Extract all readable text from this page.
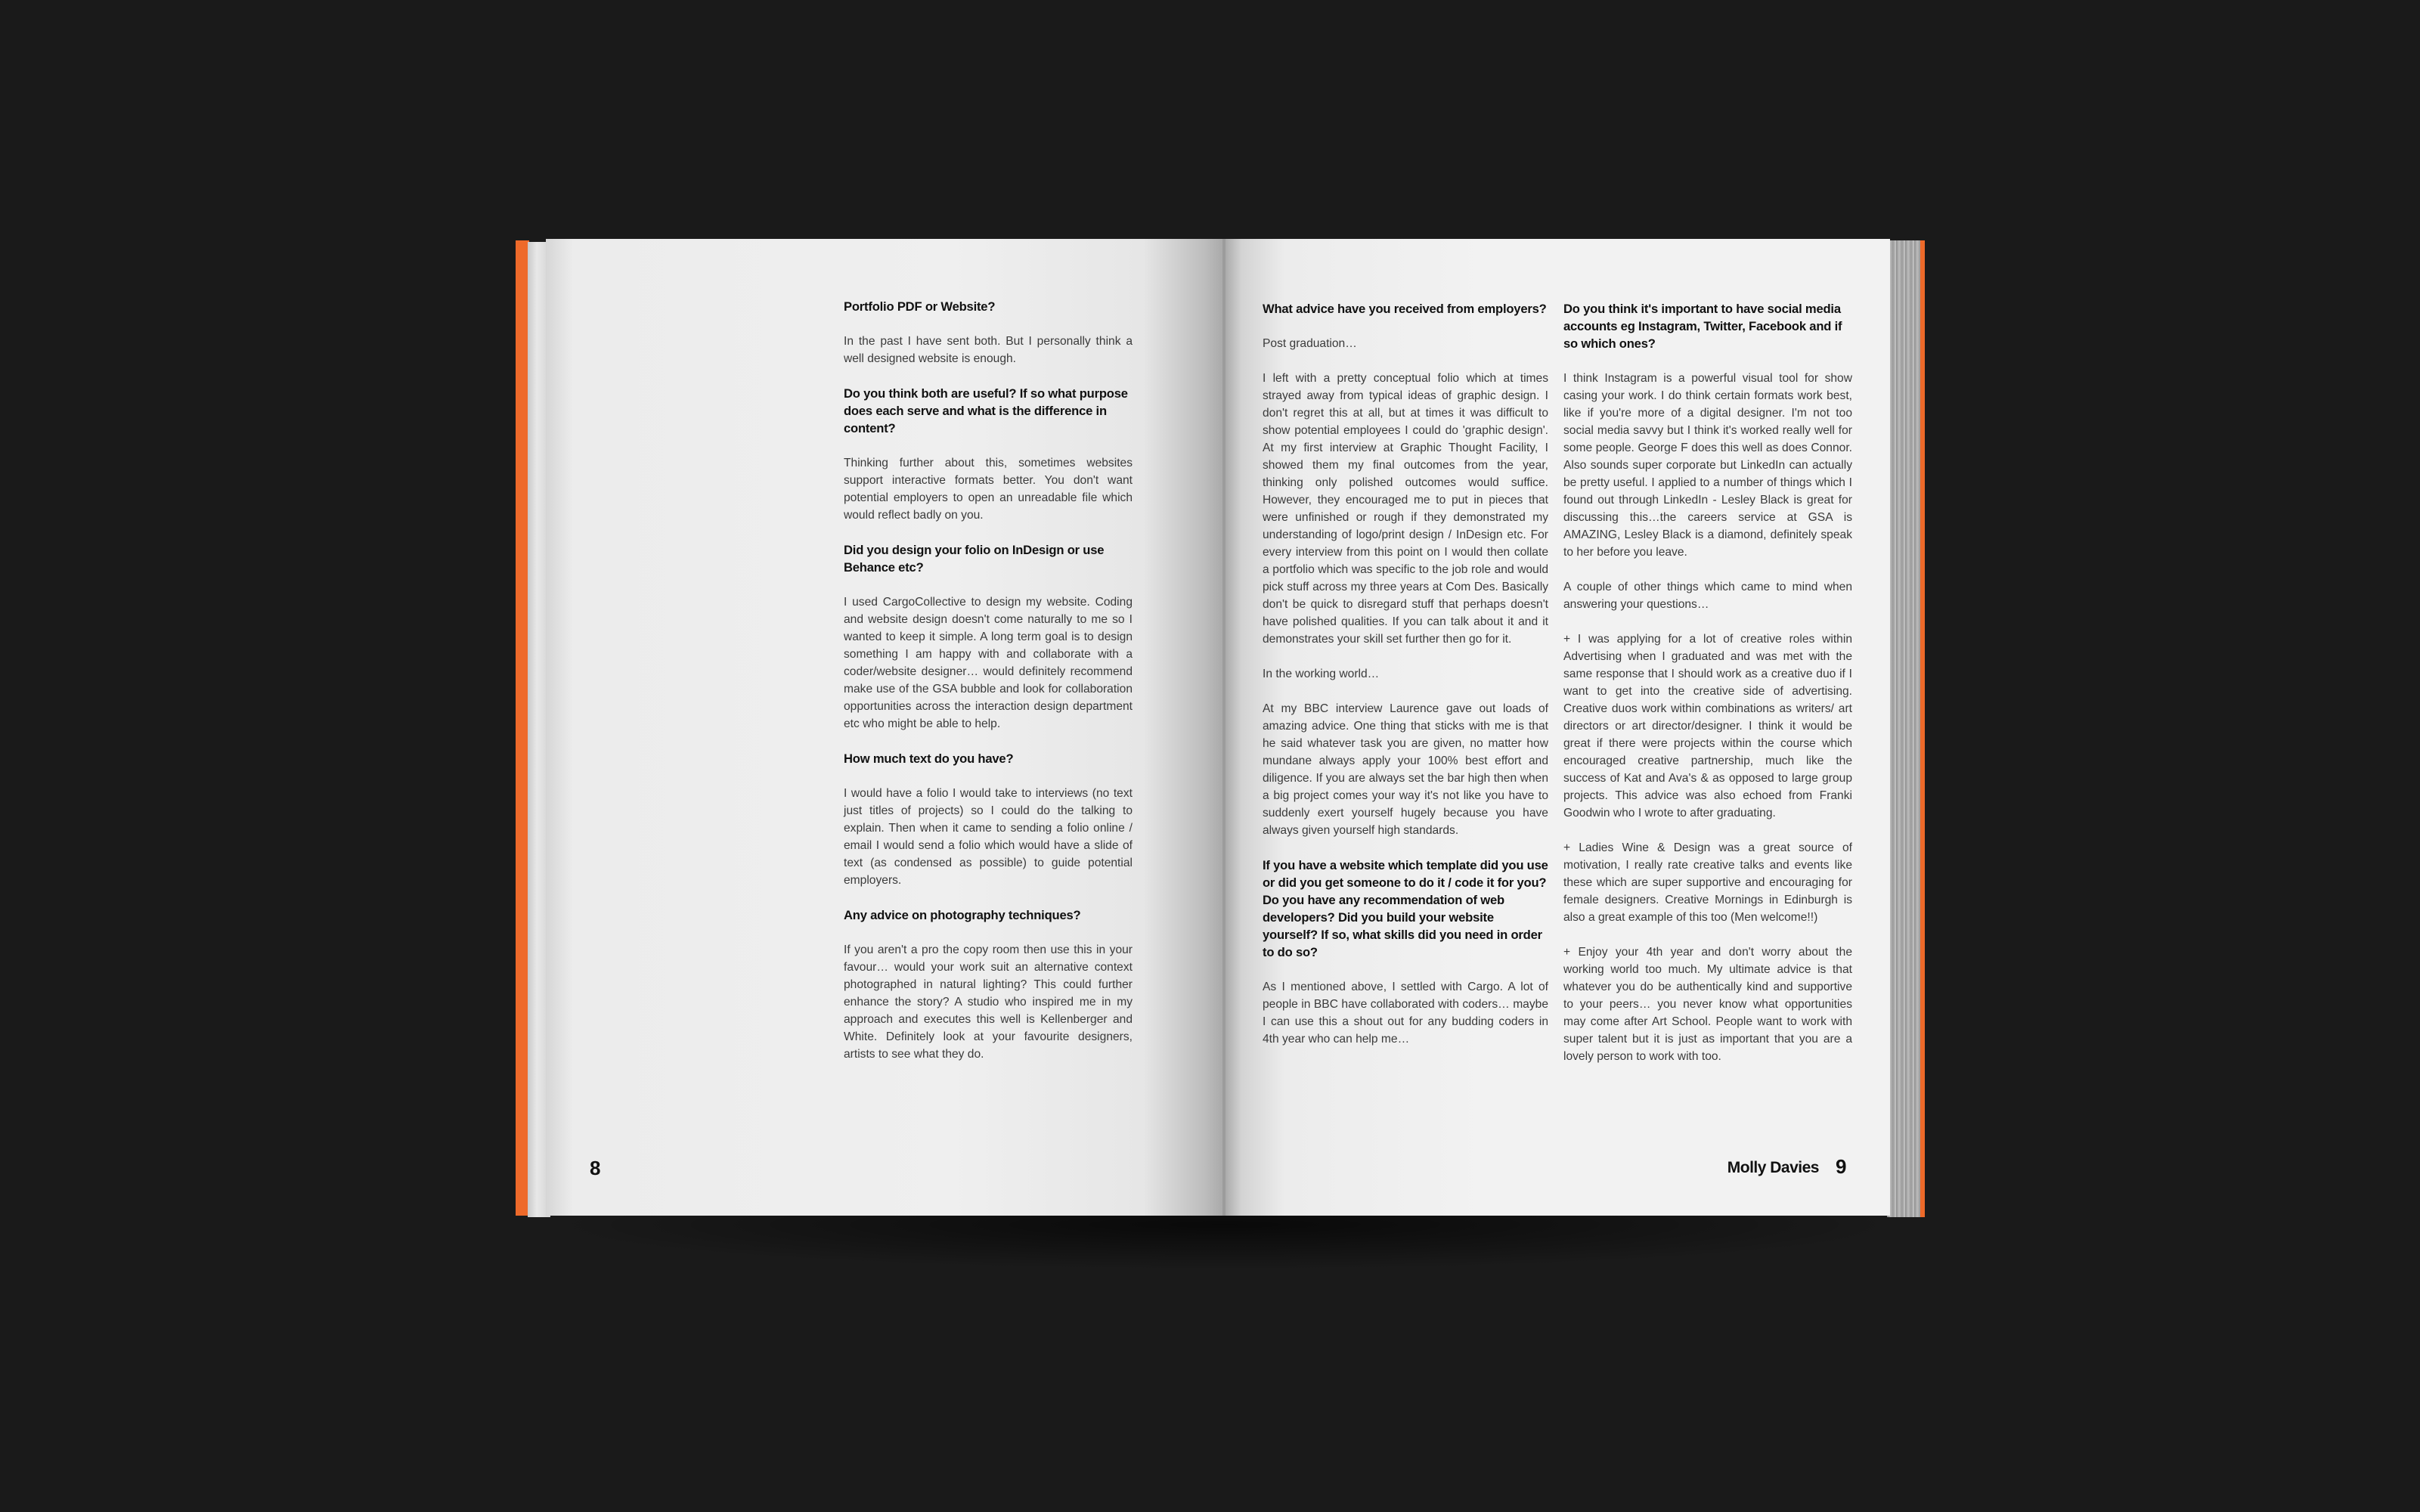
Portfolio PDF or Website?
In the past I have sent both. But I personally think a well designed website is enough.
Do you think both are useful? If so what purpose does each serve and what is the difference in content?
Thinking further about this, sometimes websites support interactive formats better. You don't want potential employers to open an unreadable file which would reflect badly on you.
Did you design your folio on InDesign or use Behance etc?
I used CargoCollective to design my website. Coding and website design doesn't come naturally to me so I wanted to keep it simple. A long term goal is to design something I am happy with and collaborate with a coder/website designer… would definitely recommend make use of the GSA bubble and look for collaboration opportunities across the interaction design department etc who might be able to help.
How much text do you have?
I would have a folio I would take to interviews (no text just titles of projects) so I could do the talking to explain. Then when it came to sending a folio online / email I would send a folio which would have a slide of text (as condensed as possible) to guide potential employers.
Any advice on photography techniques?
If you aren't a pro the copy room then use this in your favour… would your work suit an alternative context photographed in natural lighting? This could further enhance the story? A studio who inspired me in my approach and executes this well is Kellenberger and White. Definitely look at your favourite designers, artists to see what they do.
What advice have you received from employers?
Post graduation…
I left with a pretty conceptual folio which at times strayed away from typical ideas of graphic design. I don't regret this at all, but at times it was difficult to show potential employees I could do 'graphic design'. At my first interview at Graphic Thought Facility, I showed them my final outcomes from the year, thinking only polished outcomes would suffice. However, they encouraged me to put in pieces that were unfinished or rough if they demonstrated my understanding of logo/print design / InDesign etc. For every interview from this point on I would then collate a portfolio which was specific to the job role and would pick stuff across my three years at Com Des. Basically don't be quick to disregard stuff that perhaps doesn't have polished qualities. If you can talk about it and it demonstrates your skill set further then go for it.
In the working world…
At my BBC interview Laurence gave out loads of amazing advice. One thing that sticks with me is that he said whatever task you are given, no matter how mundane always apply your 100% best effort and diligence. If you are always set the bar high then when a big project comes your way it's not like you have to suddenly exert yourself hugely because you have always given yourself high standards.
If you have a website which template did you use or did you get someone to do it / code it for you? Do you have any recommendation of web developers? Did you build your website yourself? If so, what skills did you need in order to do so?
As I mentioned above, I settled with Cargo. A lot of people in BBC have collaborated with coders… maybe I can use this a shout out for any budding coders in 4th year who can help me…
Do you think it's important to have social media accounts eg Instagram, Twitter, Facebook and if so which ones?
I think Instagram is a powerful visual tool for show casing your work. I do think certain formats work best, like if you're more of a digital designer. I'm not too social media savvy but I think it's worked really well for some people. George F does this well as does Connor. Also sounds super corporate but LinkedIn can actually be pretty useful. I applied to a number of things which I found out through LinkedIn - Lesley Black is great for discussing this…the careers service at GSA is AMAZING, Lesley Black is a diamond, definitely speak to her before you leave.
A couple of other things which came to mind when answering your questions…
+ I was applying for a lot of creative roles within Advertising when I graduated and was met with the same response that I should work as a creative duo if I want to get into the creative side of advertising. Creative duos work within combinations as writers/ art directors or art director/designer. I think it would be great if there were projects within the course which encouraged creative partnership, much like the success of Kat and Ava's & as opposed to large group projects. This advice was also echoed from Franki Goodwin who I wrote to after graduating.
+ Ladies Wine & Design was a great source of motivation, I really rate creative talks and events like these which are super supportive and encouraging for female designers. Creative Mornings in Edinburgh is also a great example of this too (Men welcome!!)
+ Enjoy your 4th year and don't worry about the working world too much. My ultimate advice is that whatever you do be authentically kind and supportive to your peers… you never know what opportunities may come after Art School. People want to work with super talent but it is just as important that you are a lovely person to work with too.
8	Molly Davies 9
